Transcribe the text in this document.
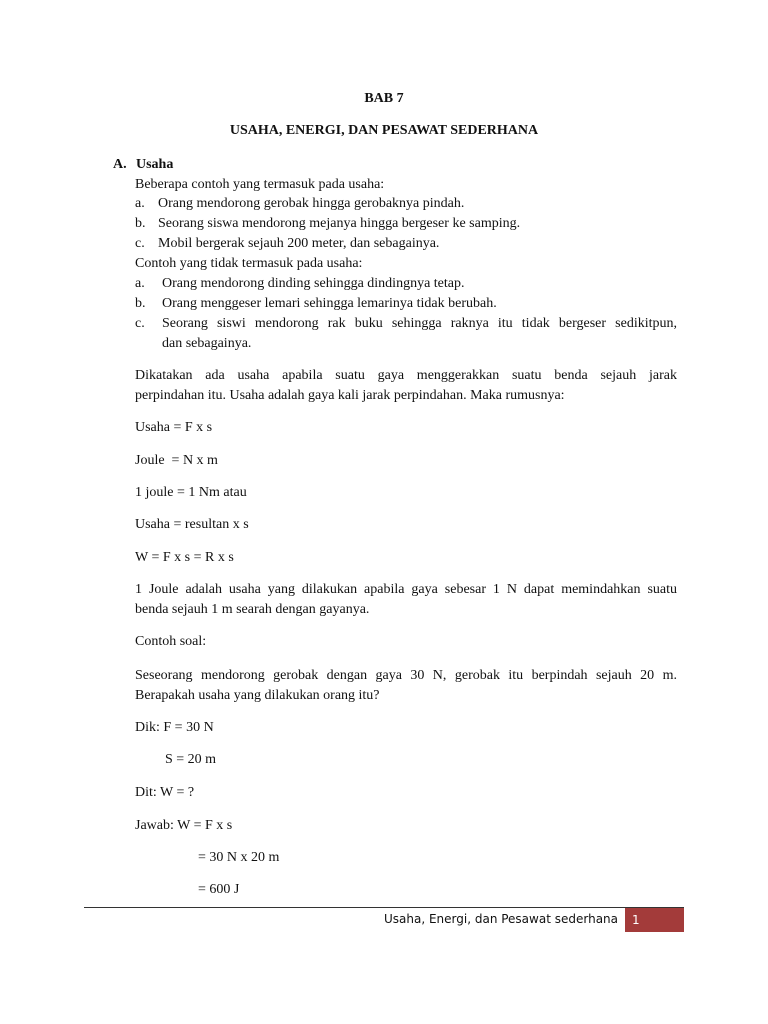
BAB 7
USAHA, ENERGI, DAN PESAWAT SEDERHANA
A. Usaha
Beberapa contoh yang termasuk pada usaha:
a. Orang mendorong gerobak hingga gerobaknya pindah.
b. Seorang siswa mendorong mejanya hingga bergeser ke samping.
c. Mobil bergerak sejauh 200 meter, dan sebagainya.
Contoh yang tidak termasuk pada usaha:
a. Orang mendorong dinding sehingga dindingnya tetap.
b. Orang menggeser lemari sehingga lemarinya tidak berubah.
c. Seorang siswi mendorong rak buku sehingga raknya itu tidak bergeser sedikitpun,
dan sebagainya.
Dikatakan ada usaha apabila suatu gaya menggerakkan suatu benda sejauh jarak
perpindahan itu. Usaha adalah gaya kali jarak perpindahan. Maka rumusnya:
Usaha = F x s
Joule  = N x m
1 joule = 1 Nm atau
Usaha = resultan x s
W = F x s = R x s
1 Joule adalah usaha yang dilakukan apabila gaya sebesar 1 N dapat memindahkan suatu
benda sejauh 1 m searah dengan gayanya.
Contoh soal:
Seseorang mendorong gerobak dengan gaya 30 N, gerobak itu berpindah sejauh 20 m.
Berapakah usaha yang dilakukan orang itu?
Dik: F = 30 N
S = 20 m
Dit: W = ?
Jawab: W = F x s
= 30 N x 20 m
= 600 J
Usaha, Energi, dan Pesawat sederhana	1
